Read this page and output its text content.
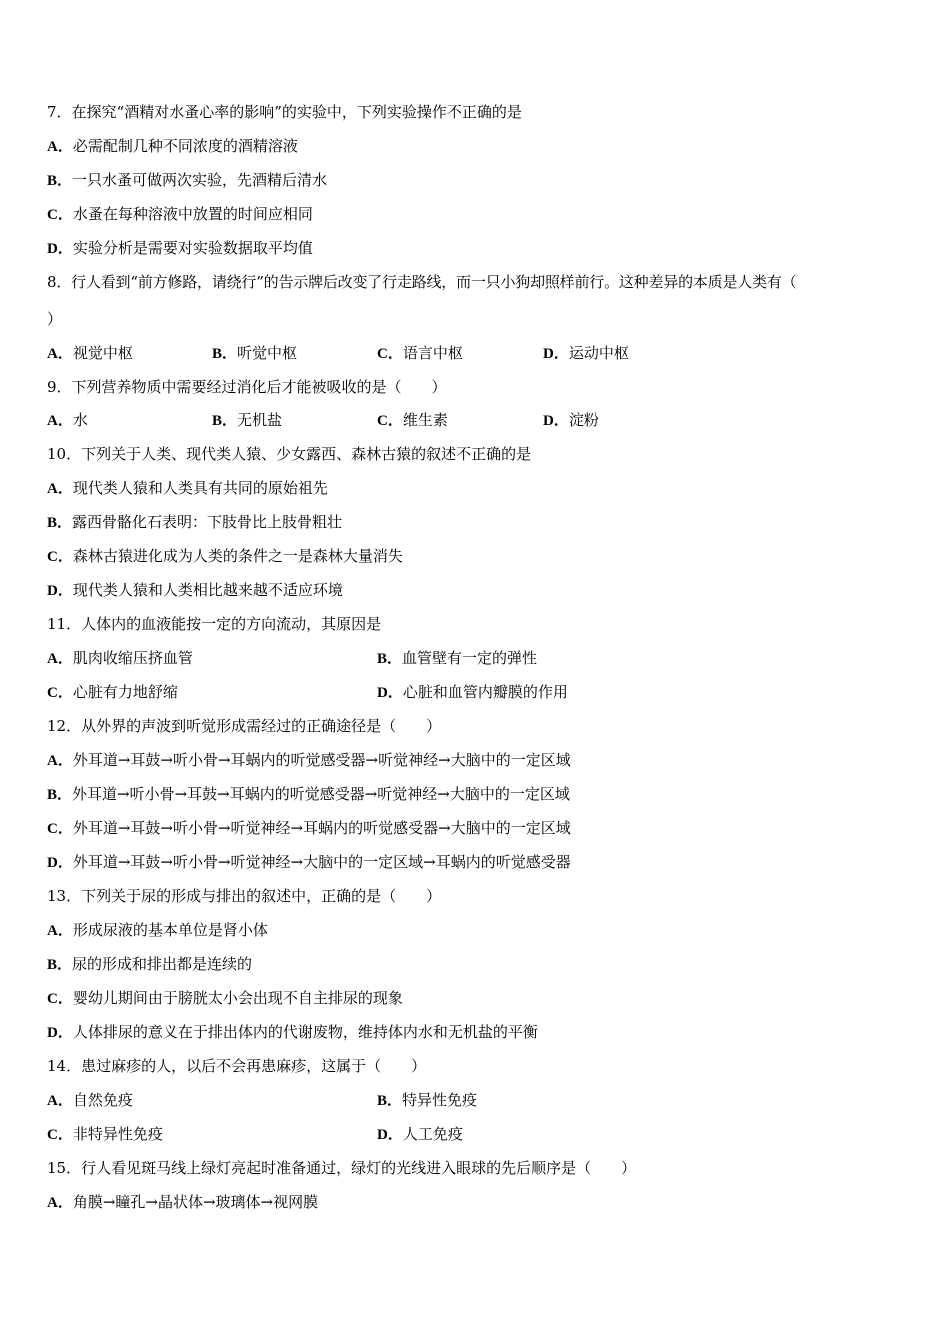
7．在探究“酒精对水蚤心率的影响”的实验中，下列实验操作不正确的是
A．必需配制几种不同浓度的酒精溶液
B．一只水蚤可做两次实验，先酒精后清水
C．水蚤在每种溶液中放置的时间应相同
D．实验分析是需要对实验数据取平均值
8．行人看到“前方修路，请绕行”的告示牌后改变了行走路线，而一只小狗却照样前行。这种差异的本质是人类有（
）
A．视觉中枢	B．听觉中枢	C．语言中枢	D．运动中枢
9．下列营养物质中需要经过消化后才能被吸收的是（　　）
A．水	B．无机盐	C．维生素	D．淀粉
10．下列关于人类、现代类人猿、少女露西、森林古猿的叙述不正确的是
A．现代类人猿和人类具有共同的原始祖先
B．露西骨骼化石表明：下肢骨比上肢骨粗壮
C．森林古猿进化成为人类的条件之一是森林大量消失
D．现代类人猿和人类相比越来越不适应环境
11．人体内的血液能按一定的方向流动，其原因是
A．肌肉收缩压挤血管	B．血管壁有一定的弹性
C．心脏有力地舒缩	D．心脏和血管内瓣膜的作用
12．从外界的声波到听觉形成需经过的正确途径是（　　）
A．外耳道→耳鼓→听小骨→耳蜗内的听觉感受器→听觉神经→大脑中的一定区域
B．外耳道→听小骨→耳鼓→耳蜗内的听觉感受器→听觉神经→大脑中的一定区域
C．外耳道→耳鼓→听小骨→听觉神经→耳蜗内的听觉感受器→大脑中的一定区域
D．外耳道→耳鼓→听小骨→听觉神经→大脑中的一定区域→耳蜗内的听觉感受器
13．下列关于尿的形成与排出的叙述中，正确的是（　　）
A．形成尿液的基本单位是肾小体
B．尿的形成和排出都是连续的
C．婴幼儿期间由于膀胱太小会出现不自主排尿的现象
D．人体排尿的意义在于排出体内的代谢废物，维持体内水和无机盐的平衡
14．患过麻疹的人，以后不会再患麻疹，这属于（　　）
A．自然免疫	B．特异性免疫
C．非特异性免疫	D．人工免疫
15．行人看见斑马线上绿灯亮起时准备通过，绿灯的光线进入眼球的先后顺序是（　　）
A．角膜→瞳孔→晶状体→玻璃体→视网膜
